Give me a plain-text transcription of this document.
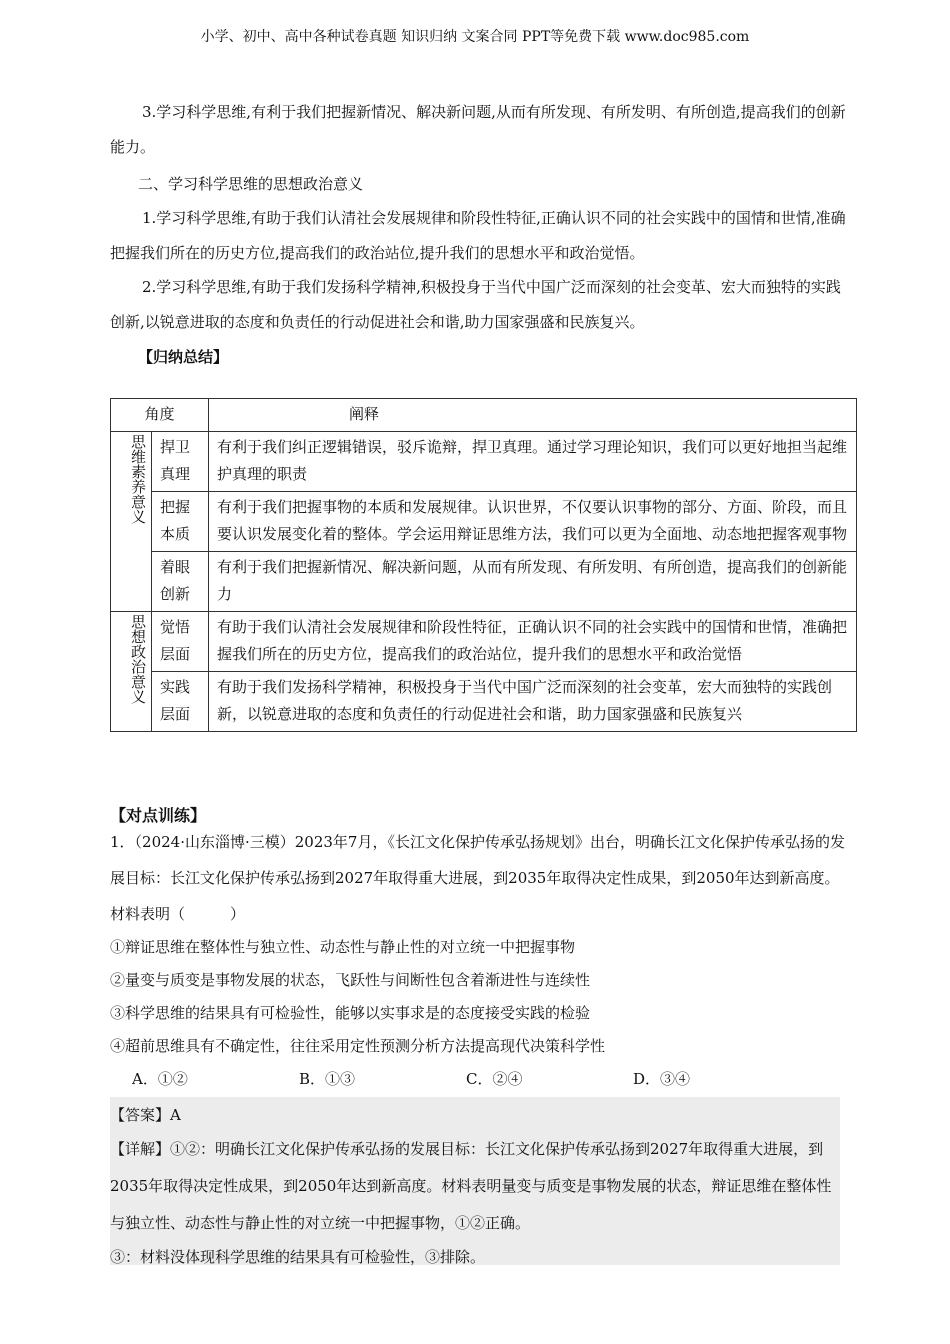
小学、初中、高中各种试卷真题 知识归纳 文案合同 PPT等免费下载 www.doc985.com
3.学习科学思维,有利于我们把握新情况、解决新问题,从而有所发现、有所发明、有所创造,提高我们的创新能力。
二、学习科学思维的思想政治意义
1.学习科学思维,有助于我们认清社会发展规律和阶段性特征,正确认识不同的社会实践中的国情和世情,准确把握我们所在的历史方位,提高我们的政治站位,提升我们的思想水平和政治觉悟。
2.学习科学思维,有助于我们发扬科学精神,积极投身于当代中国广泛而深刻的社会变革、宏大而独特的实践创新,以锐意进取的态度和负责任的行动促进社会和谐,助力国家强盛和民族复兴。
【归纳总结】
角度		阐释
思维素养意义	捍卫真理	有利于我们纠正逻辑错误，驳斥诡辩，捍卫真理。通过学习理论知识，我们可以更好地担当起维护真理的职责
	把握本质	有利于我们把握事物的本质和发展规律。认识世界，不仅要认识事物的部分、方面、阶段，而且要认识发展变化着的整体。学会运用辩证思维方法，我们可以更为全面地、动态地把握客观事物
	着眼创新	有利于我们把握新情况、解决新问题，从而有所发现、有所发明、有所创造，提高我们的创新能力
思想政治意义	觉悟层面	有助于我们认清社会发展规律和阶段性特征，正确认识不同的社会实践中的国情和世情，准确把握我们所在的历史方位，提高我们的政治站位，提升我们的思想水平和政治觉悟
	实践层面	有助于我们发扬科学精神，积极投身于当代中国广泛而深刻的社会变革，宏大而独特的实践创新，以锐意进取的态度和负责任的行动促进社会和谐，助力国家强盛和民族复兴
【对点训练】
1．（2024·山东淄博·三模）2023年7月，《长江文化保护传承弘扬规划》出台，明确长江文化保护传承弘扬的发展目标：长江文化保护传承弘扬到2027年取得重大进展，到2035年取得决定性成果，到2050年达到新高度。材料表明（　　　）
①辩证思维在整体性与独立性、动态性与静止性的对立统一中把握事物
②量变与质变是事物发展的状态，飞跃性与间断性包含着渐进性与连续性
③科学思维的结果具有可检验性，能够以实事求是的态度接受实践的检验
④超前思维具有不确定性，往往采用定性预测分析方法提高现代决策科学性
A．①②	B．①③	C．②④	D．③④
【答案】A
【详解】①②：明确长江文化保护传承弘扬的发展目标：长江文化保护传承弘扬到2027年取得重大进展，到2035年取得决定性成果，到2050年达到新高度。材料表明量变与质变是事物发展的状态，辩证思维在整体性与独立性、动态性与静止性的对立统一中把握事物，①②正确。
③：材料没体现科学思维的结果具有可检验性，③排除。
